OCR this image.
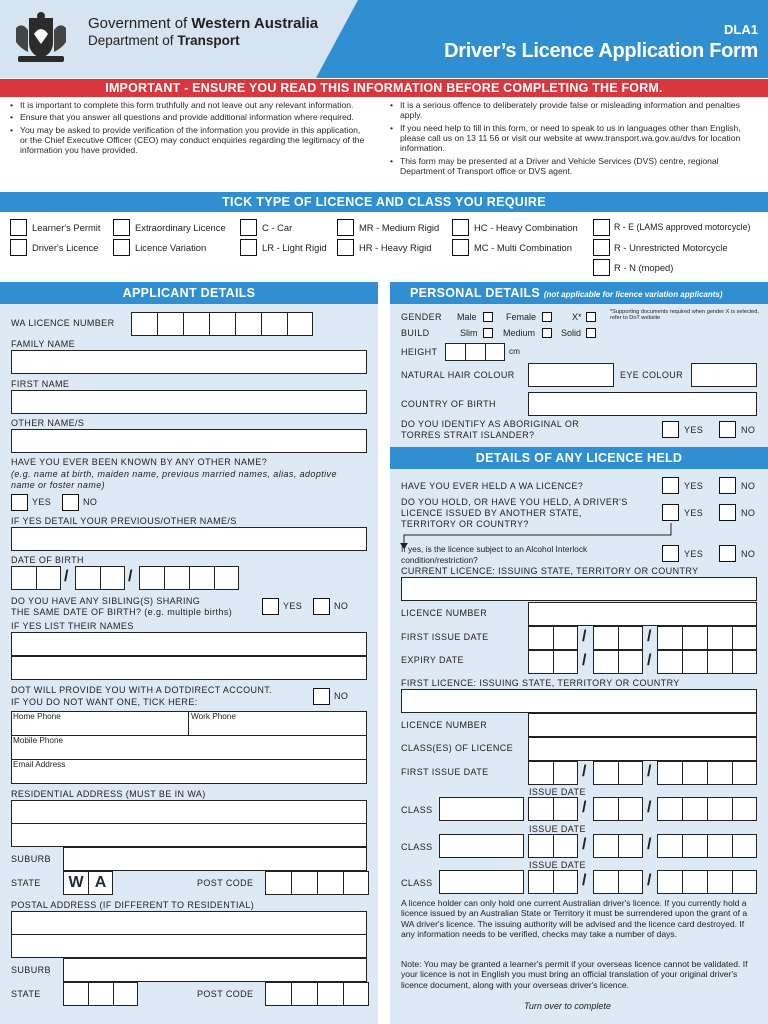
Government of Western Australia
Department of Transport
DLA1
Driver’s Licence Application Form
IMPORTANT - ENSURE YOU READ THIS INFORMATION BEFORE COMPLETING THE FORM.
• It is important to complete this form truthfully and not leave out any relevant information.
• Ensure that you answer all questions and provide additional information where required.
• You may be asked to provide verification of the information you provide in this application, or the Chief Executive Officer (CEO) may conduct enquiries regarding the legitimacy of the information you have provided.
• It is a serious offence to deliberately provide false or misleading information and penalties apply.
• If you need help to fill in this form, or need to speak to us in languages other than English, please call us on 13 11 56 or visit our website at www.transport.wa.gov.au/dvs for location information.
• This form may be presented at a Driver and Vehicle Services (DVS) centre, regional Department of Transport office or DVS agent.
TICK TYPE OF LICENCE AND CLASS YOU REQUIRE
Learner's Permit
Driver's Licence
Extraordinary Licence
Licence Variation
C - Car
LR - Light Rigid
MR - Medium Rigid
HR - Heavy Rigid
HC - Heavy Combination
MC - Multi Combination
R - E (LAMS approved motorcycle)
R - Unrestricted Motorcycle
R - N (moped)
APPLICANT DETAILS
WA LICENCE NUMBER
FAMILY NAME
FIRST NAME
OTHER NAME/S
HAVE YOU EVER BEEN KNOWN BY ANY OTHER NAME?
(e.g. name at birth, maiden name, previous married names, alias, adoptive name or foster name)
YES	NO
IF YES DETAIL YOUR PREVIOUS/OTHER NAME/S
DATE OF BIRTH
/	/
DO YOU HAVE ANY SIBLING(S) SHARING
THE SAME DATE OF BIRTH? (e.g. multiple births)
YES	NO
IF YES LIST THEIR NAMES
DOT WILL PROVIDE YOU WITH A DOTDIRECT ACCOUNT.
IF YOU DO NOT WANT ONE, TICK HERE:
NO
Home Phone	Work Phone
Mobile Phone
Email Address
RESIDENTIAL ADDRESS (MUST BE IN WA)
SUBURB
STATE	W A	POST CODE
POSTAL ADDRESS (IF DIFFERENT TO RESIDENTIAL)
SUBURB
STATE	POST CODE
PERSONAL DETAILS (not applicable for licence variation applicants)
GENDER Male	Female	X*	*Supporting documents required when gender X is selected, refer to DoT website
BUILD	Slim	Medium	Solid
HEIGHT	cm
NATURAL HAIR COLOUR	EYE COLOUR
COUNTRY OF BIRTH
DO YOU IDENTIFY AS ABORIGINAL OR
TORRES STRAIT ISLANDER?	YES	NO
DETAILS OF ANY LICENCE HELD
HAVE YOU EVER HELD A WA LICENCE?	YES	NO
DO YOU HOLD, OR HAVE YOU HELD, A DRIVER'S
LICENCE ISSUED BY ANOTHER STATE,
TERRITORY OR COUNTRY?
YES	NO
If yes, is the licence subject to an Alcohol Interlock
condition/restriction?
YES	NO
CURRENT LICENCE: ISSUING STATE, TERRITORY OR COUNTRY
LICENCE NUMBER
FIRST ISSUE DATE	/	/
EXPIRY DATE	/	/
FIRST LICENCE: ISSUING STATE, TERRITORY OR COUNTRY
LICENCE NUMBER
CLASS(ES) OF LICENCE
FIRST ISSUE DATE	/	/
ISSUE DATE
CLASS	/	/
ISSUE DATE
CLASS	/	/
ISSUE DATE
CLASS	/	/
A licence holder can only hold one current Australian driver's licence. If you currently hold a licence issued by an Australian State or Territory it must be surrendered upon the grant of a WA driver's licence. The issuing authority will be advised and the licence card destroyed. If any information needs to be verified, checks may take a number of days.
Note: You may be granted a learner's permit if your overseas licence cannot be validated. If your licence is not in English you must bring an official translation of your original driver's licence document, along with your overseas driver's licence.
Turn over to complete
